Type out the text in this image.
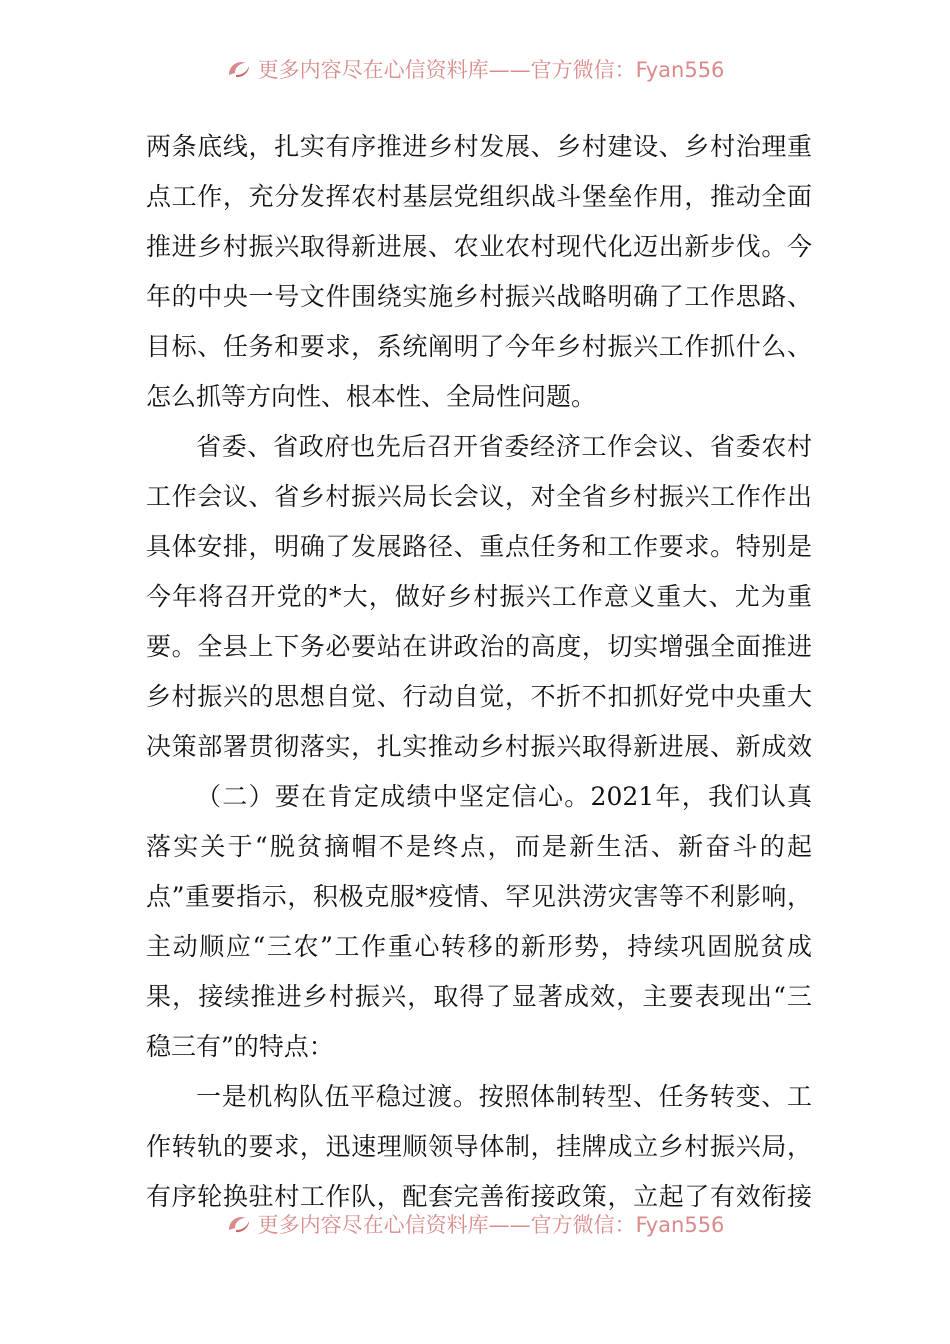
更多内容尽在心信资料库——官方微信：Fyan556
两条底线，扎实有序推进乡村发展、乡村建设、乡村治理重
点工作，充分发挥农村基层党组织战斗堡垒作用，推动全面
推进乡村振兴取得新进展、农业农村现代化迈出新步伐。今
年的中央一号文件围绕实施乡村振兴战略明确了工作思路、
目标、任务和要求，系统阐明了今年乡村振兴工作抓什么、
怎么抓等方向性、根本性、全局性问题。
省委、省政府也先后召开省委经济工作会议、省委农村
工作会议、省乡村振兴局长会议，对全省乡村振兴工作作出
具体安排，明确了发展路径、重点任务和工作要求。特别是
今年将召开党的*大，做好乡村振兴工作意义重大、尤为重
要。全县上下务必要站在讲政治的高度，切实增强全面推进
乡村振兴的思想自觉、行动自觉，不折不扣抓好党中央重大
决策部署贯彻落实，扎实推动乡村振兴取得新进展、新成效
（二）要在肯定成绩中坚定信心。2021年，我们认真
落实关于“脱贫摘帽不是终点，而是新生活、新奋斗的起
点”重要指示，积极克服*疫情、罕见洪涝灾害等不利影响，
主动顺应“三农”工作重心转移的新形势，持续巩固脱贫成
果，接续推进乡村振兴，取得了显著成效，主要表现出“三
稳三有”的特点：
一是机构队伍平稳过渡。按照体制转型、任务转变、工
作转轨的要求，迅速理顺领导体制，挂牌成立乡村振兴局，
有序轮换驻村工作队，配套完善衔接政策，立起了有效衔接
更多内容尽在心信资料库——官方微信：Fyan556
